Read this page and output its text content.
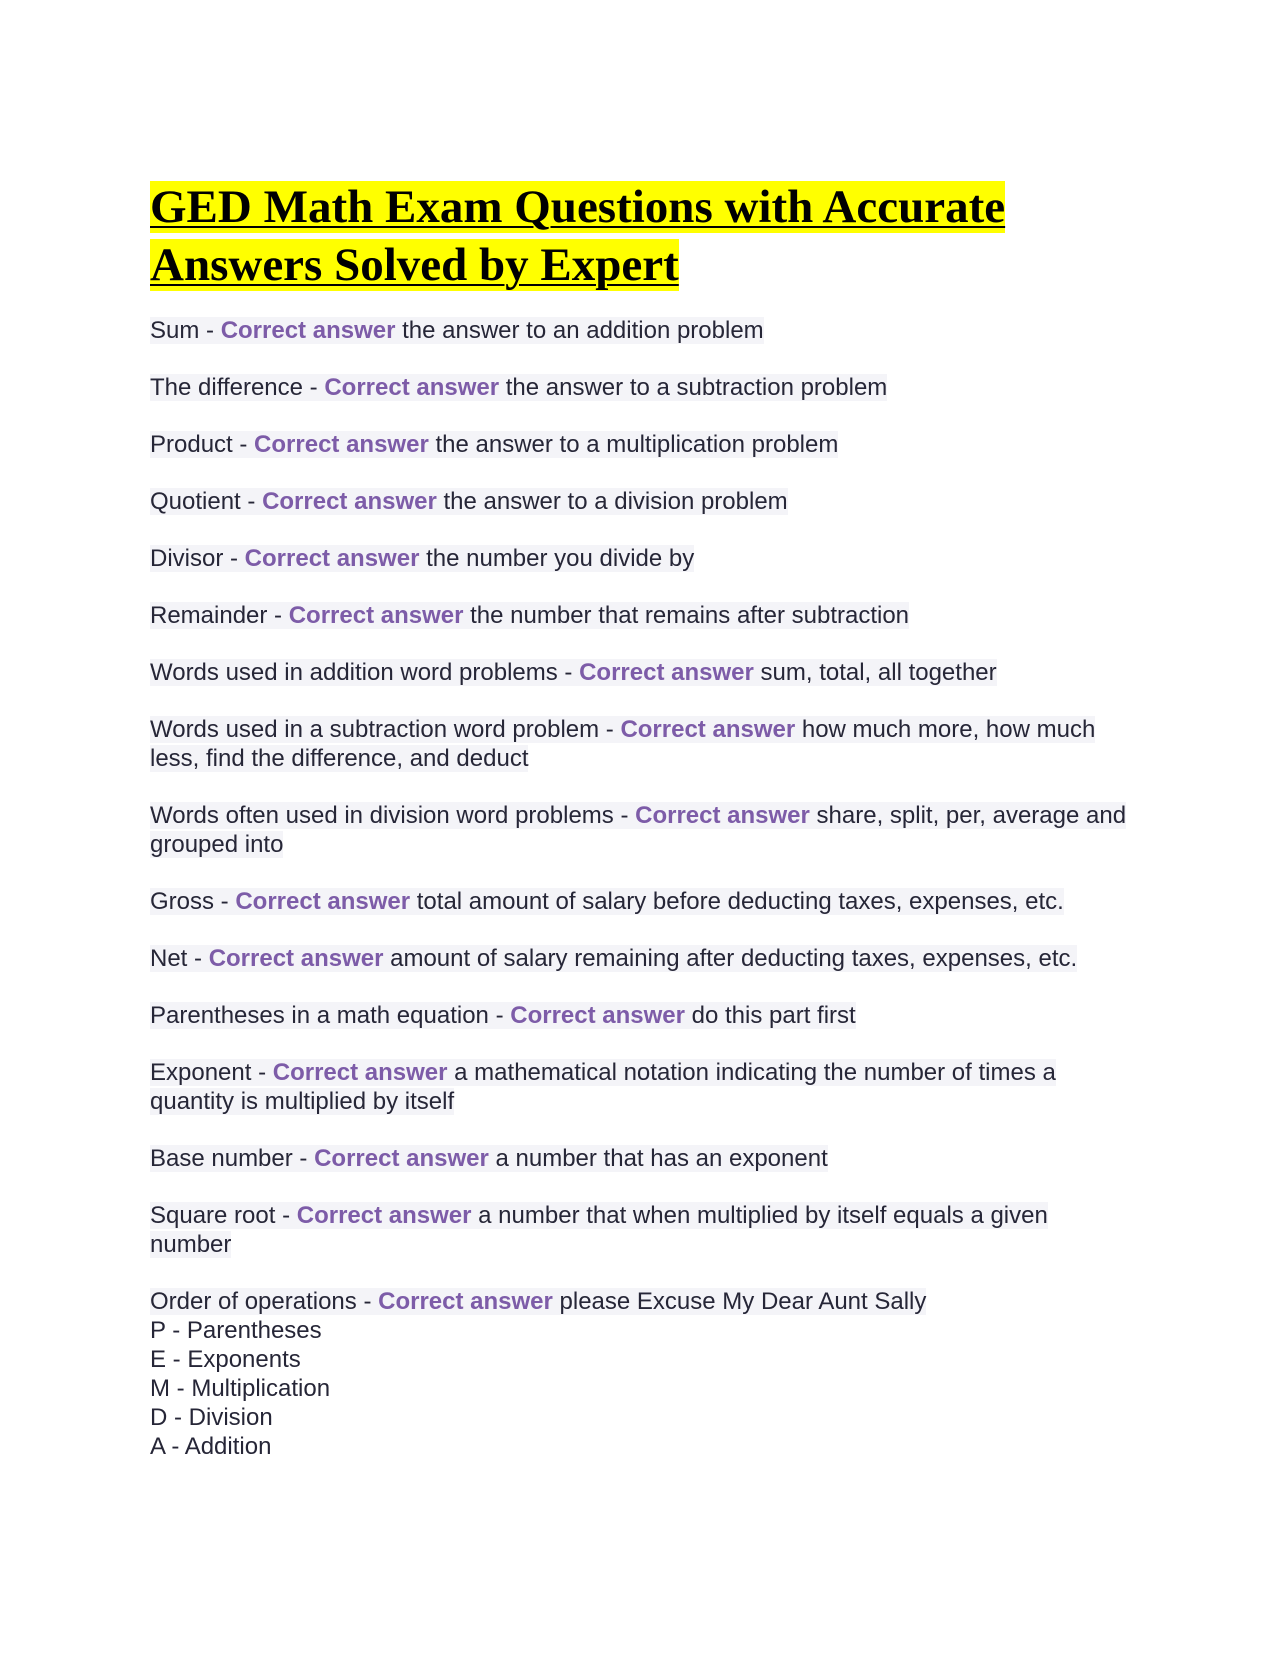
GED Math Exam Questions with Accurate
Answers Solved by Expert

Sum - Correct answer the answer to an addition problem

The difference - Correct answer the answer to a subtraction problem

Product - Correct answer the answer to a multiplication problem

Quotient - Correct answer the answer to a division problem

Divisor - Correct answer the number you divide by

Remainder - Correct answer the number that remains after subtraction

Words used in addition word problems - Correct answer sum, total, all together

Words used in a subtraction word problem - Correct answer how much more, how much less, find the difference, and deduct

Words often used in division word problems - Correct answer share, split, per, average and grouped into

Gross - Correct answer total amount of salary before deducting taxes, expenses, etc.

Net - Correct answer amount of salary remaining after deducting taxes, expenses, etc.

Parentheses in a math equation - Correct answer do this part first

Exponent - Correct answer a mathematical notation indicating the number of times a quantity is multiplied by itself

Base number - Correct answer a number that has an exponent

Square root - Correct answer a number that when multiplied by itself equals a given number

Order of operations - Correct answer please Excuse My Dear Aunt Sally
P - Parentheses
E - Exponents
M - Multiplication
D - Division
A - Addition
